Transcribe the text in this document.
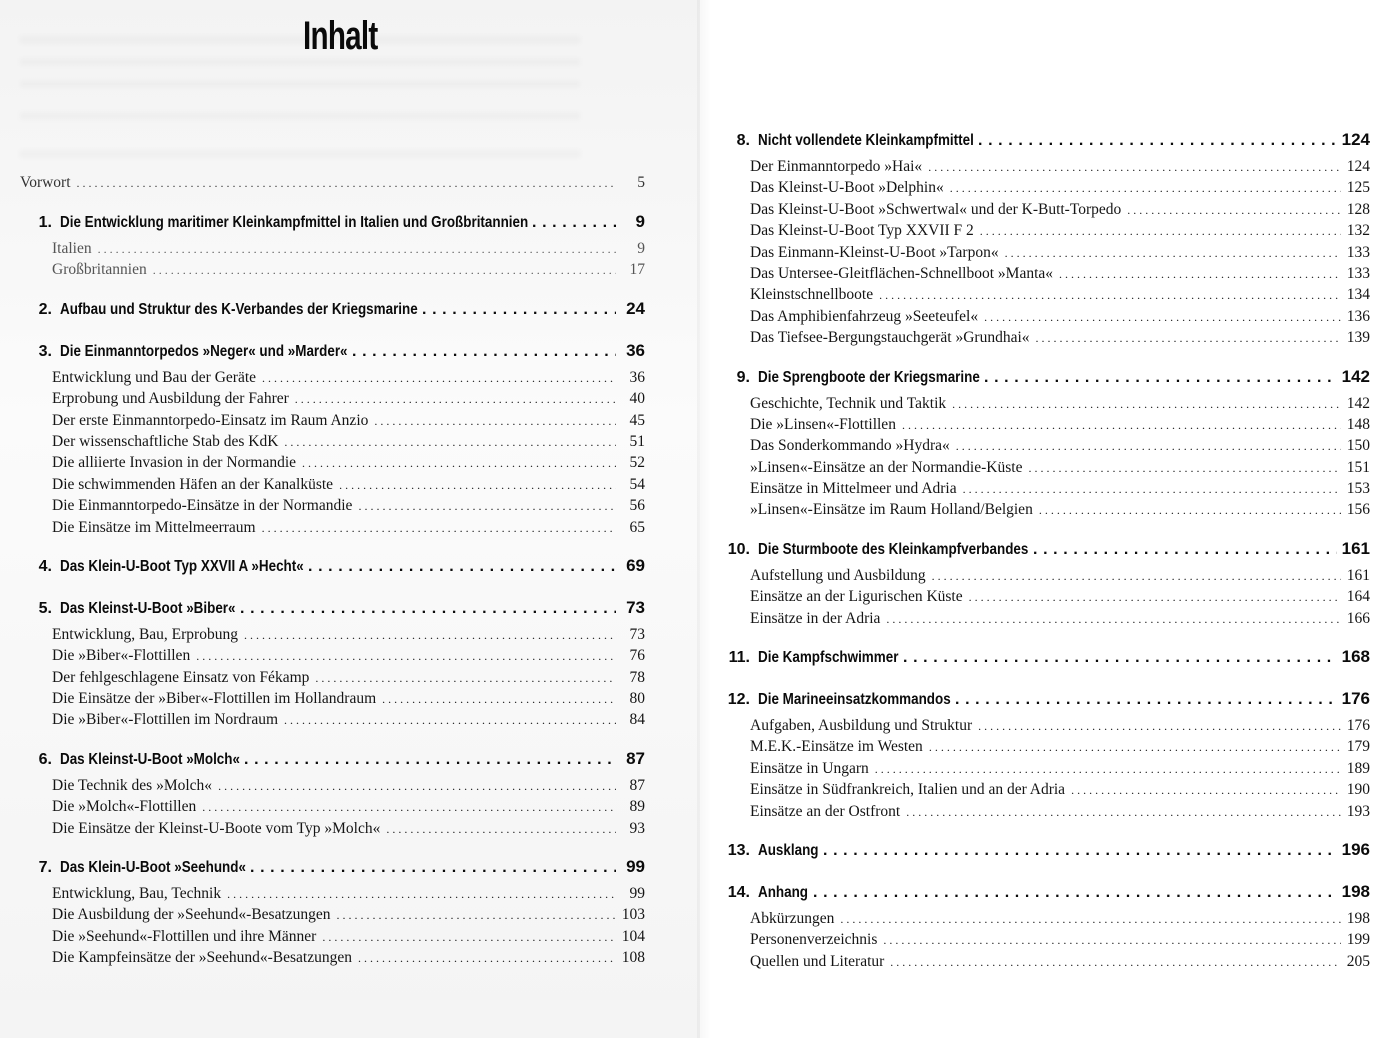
Inhalt
Vorwort . . .	5
1. Die Entwicklung maritimer Kleinkampfmittel in Italien und Großbritannien . . .	9
Italien . . .	9
Großbritannien . . .	17
2. Aufbau und Struktur des K-Verbandes der Kriegsmarine . . .	24
3. Die Einmanntorpedos »Neger« und »Marder« . . .	36
Entwicklung und Bau der Geräte . . .	36
Erprobung und Ausbildung der Fahrer . . .	40
Der erste Einmanntorpedo-Einsatz im Raum Anzio . . .	45
Der wissenschaftliche Stab des KdK . . .	51
Die alliierte Invasion in der Normandie . . .	52
Die schwimmenden Häfen an der Kanalküste . . .	54
Die Einmanntorpedo-Einsätze in der Normandie . . .	56
Die Einsätze im Mittelmeerraum . . .	65
4. Das Klein-U-Boot Typ XXVII A »Hecht« . . .	69
5. Das Kleinst-U-Boot »Biber« . . .	73
Entwicklung, Bau, Erprobung . . .	73
Die »Biber«-Flottillen . . .	76
Der fehlgeschlagene Einsatz von Fékamp . . .	78
Die Einsätze der »Biber«-Flottillen im Hollandraum . . .	80
Die »Biber«-Flottillen im Nordraum . . .	84
6. Das Kleinst-U-Boot »Molch« . . .	87
Die Technik des »Molch« . . .	87
Die »Molch«-Flottillen . . .	89
Die Einsätze der Kleinst-U-Boote vom Typ »Molch« . . .	93
7. Das Klein-U-Boot »Seehund« . . .	99
Entwicklung, Bau, Technik . . .	99
Die Ausbildung der »Seehund«-Besatzungen . . .	103
Die »Seehund«-Flottillen und ihre Männer . . .	104
Die Kampfeinsätze der »Seehund«-Besatzungen . . .	108
8. Nicht vollendete Kleinkampfmittel . . .	124
Der Einmanntorpedo »Hai« . . .	124
Das Kleinst-U-Boot »Delphin« . . .	125
Das Kleinst-U-Boot »Schwertwal« und der K-Butt-Torpedo . . .	128
Das Kleinst-U-Boot Typ XXVII F 2 . . .	132
Das Einmann-Kleinst-U-Boot »Tarpon« . . .	133
Das Untersee-Gleitflächen-Schnellboot »Manta« . . .	133
Kleinstschnellboote . . .	134
Das Amphibienfahrzeug »Seeteufel« . . .	136
Das Tiefsee-Bergungstauchgerät »Grundhai« . . .	139
9. Die Sprengboote der Kriegsmarine . . .	142
Geschichte, Technik und Taktik . . .	142
Die »Linsen«-Flottillen . . .	148
Das Sonderkommando »Hydra« . . .	150
»Linsen«-Einsätze an der Normandie-Küste . . .	151
Einsätze in Mittelmeer und Adria . . .	153
»Linsen«-Einsätze im Raum Holland/Belgien . . .	156
10. Die Sturmboote des Kleinkampfverbandes . . .	161
Aufstellung und Ausbildung . . .	161
Einsätze an der Ligurischen Küste . . .	164
Einsätze in der Adria . . .	166
11. Die Kampfschwimmer . . .	168
12. Die Marineeinsatzkommandos . . .	176
Aufgaben, Ausbildung und Struktur . . .	176
M.E.K.-Einsätze im Westen . . .	179
Einsätze in Ungarn . . .	189
Einsätze in Südfrankreich, Italien und an der Adria . . .	190
Einsätze an der Ostfront . . .	193
13. Ausklang . . .	196
14. Anhang . . .	198
Abkürzungen . . .	198
Personenverzeichnis . . .	199
Quellen und Literatur . . .	205
